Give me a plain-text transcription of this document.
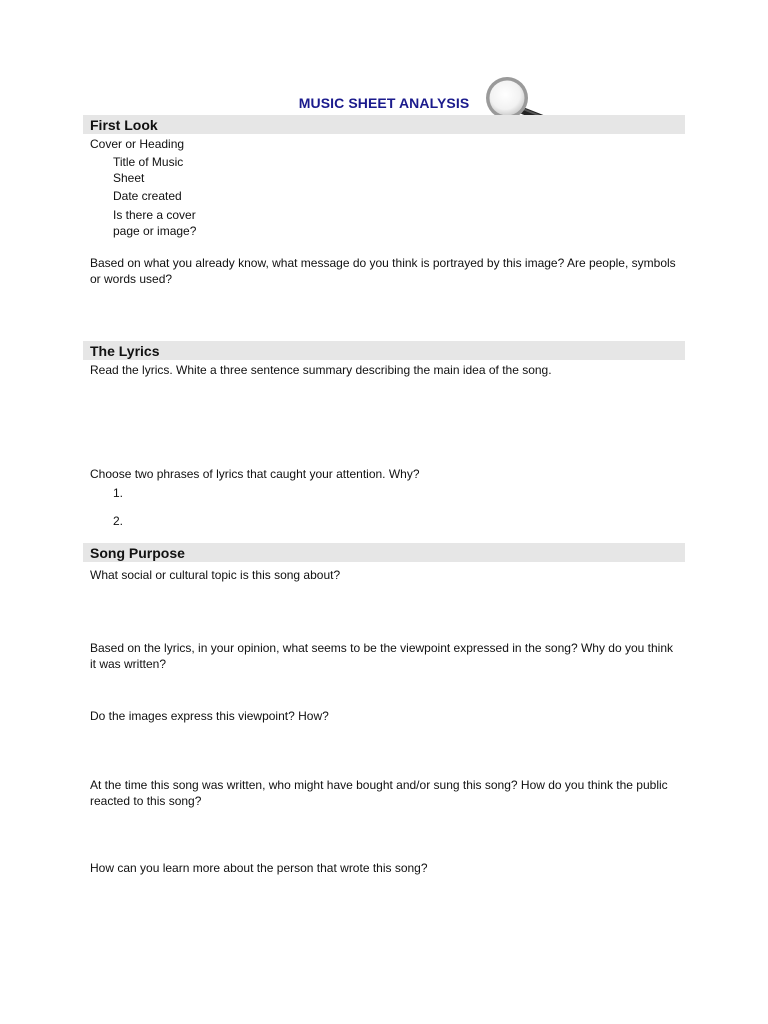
MUSIC SHEET ANALYSIS
First Look
Cover or Heading
Title of Music Sheet
Date created
Is there a cover page or image?
Based on what you already know, what message do you think is portrayed by this image? Are people, symbols or words used?
The Lyrics
Read the lyrics. White a three sentence summary describing the main idea of the song.
Choose two phrases of lyrics that caught your attention. Why?
1.
2.
Song Purpose
What social or cultural topic is this song about?
Based on the lyrics, in your opinion, what seems to be the viewpoint expressed in the song? Why do you think it was written?
Do the images express this viewpoint? How?
At the time this song was written, who might have bought and/or sung this song? How do you think the public reacted to this song?
How can you learn more about the person that wrote this song?
